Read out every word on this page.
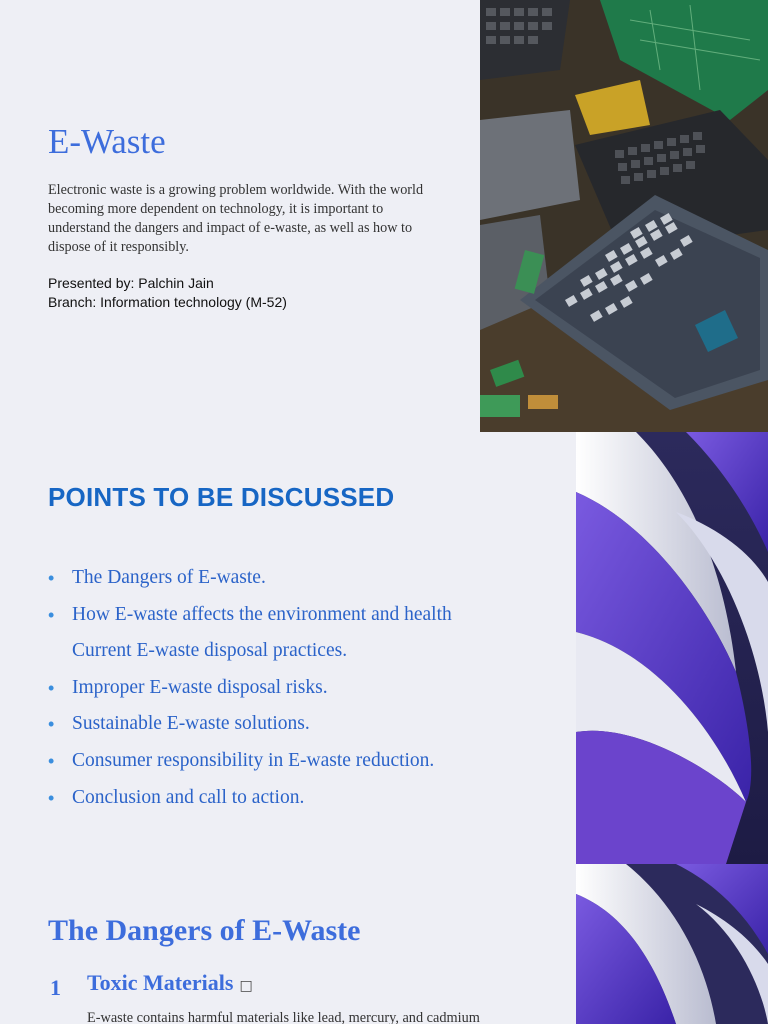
E-Waste
Electronic waste is a growing problem worldwide. With the world becoming more dependent on technology, it is important to understand the dangers and impact of e-waste, as well as how to dispose of it responsibly.
Presented by: Palchin Jain
Branch: Information technology (M-52)
POINTS TO BE DISCUSSED
• The Dangers of E-waste.
• How E-waste affects the environment and health
Current E-waste disposal practices.
• Improper E-waste disposal risks.
• Sustainable E-waste solutions.
• Consumer responsibility in E-waste reduction.
• Conclusion and call to action.
The Dangers of E-Waste
1 Toxic Materials □
E-waste contains harmful materials like lead, mercury, and cadmium
